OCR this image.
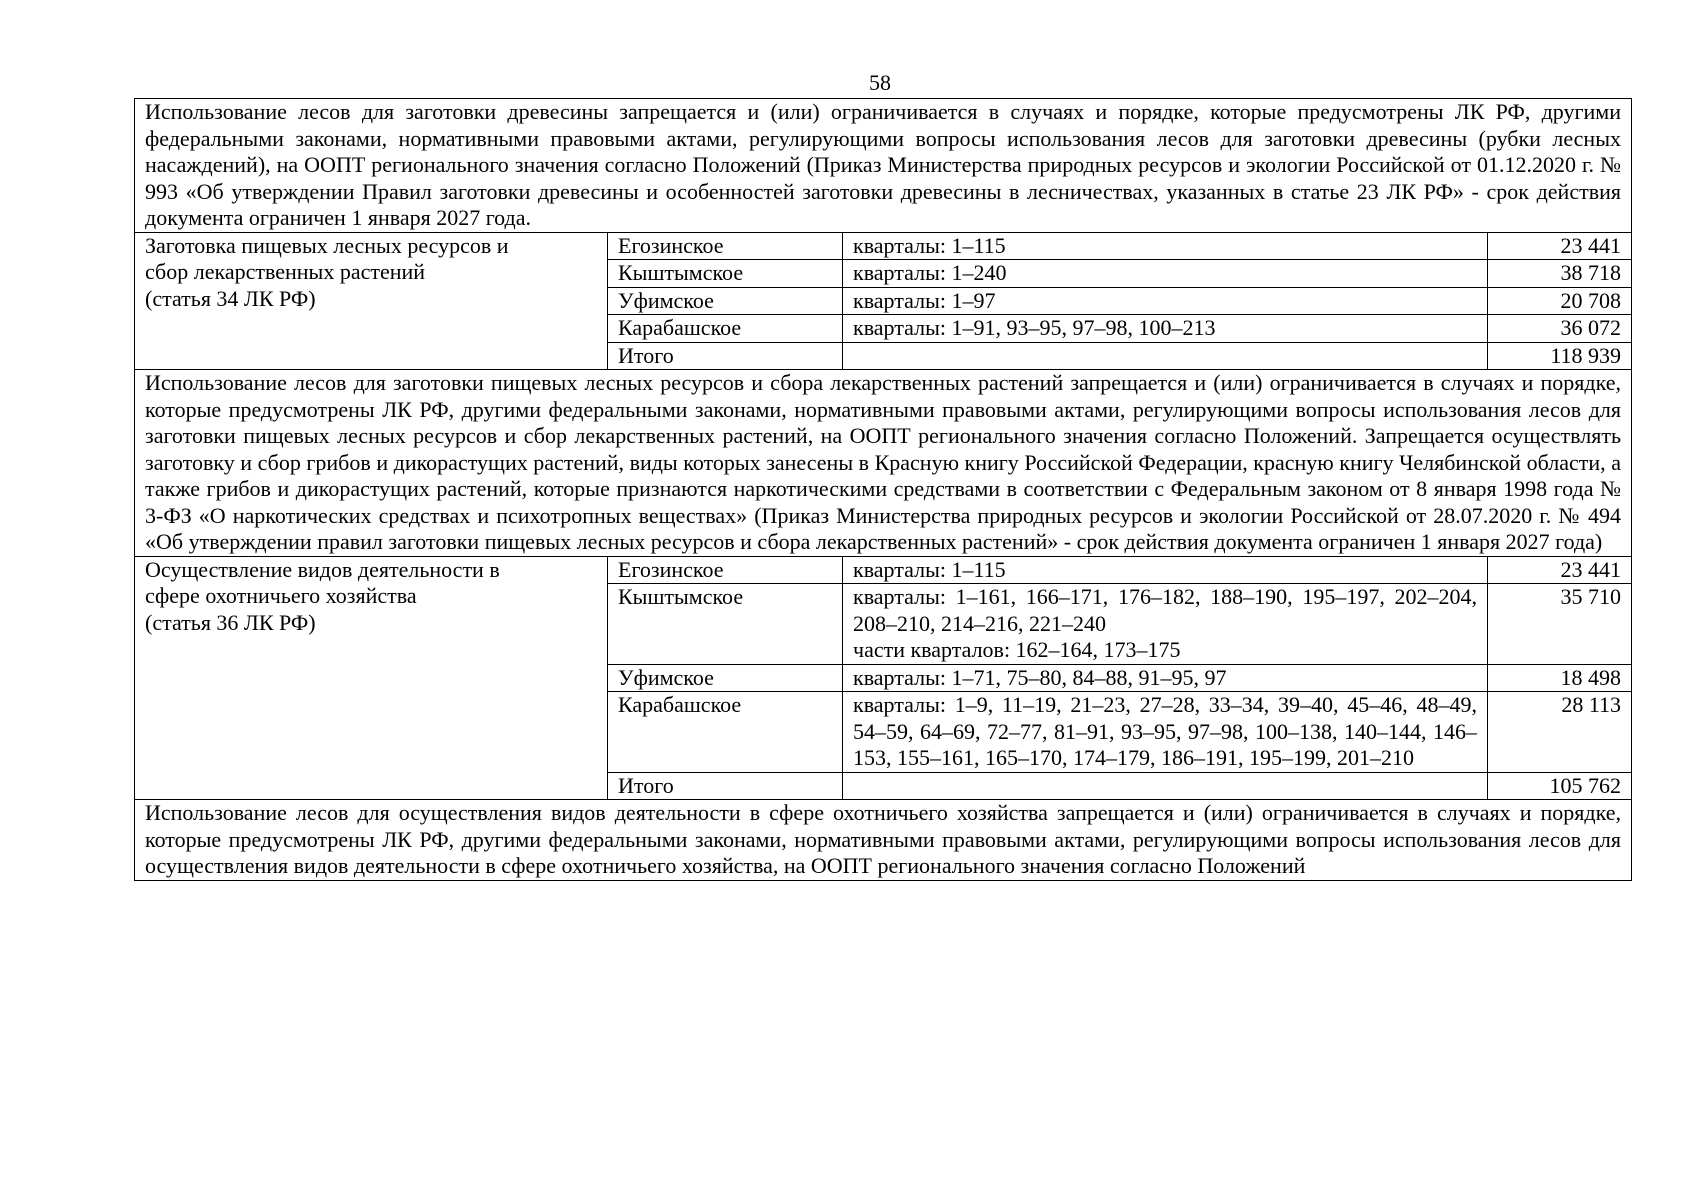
58
Использование лесов для заготовки древесины запрещается и (или) ограничивается в случаях и порядке, которые предусмотрены ЛК РФ, другими федеральными законами, нормативными правовыми актами, регулирующими вопросы использования лесов для заготовки древесины (рубки лесных насаждений), на ООПТ регионального значения согласно Положений (Приказ Министерства природных ресурсов и экологии Российской от 01.12.2020 г. № 993 «Об утверждении Правил заготовки древесины и особенностей заготовки древесины в лесничествах, указанных в статье 23 ЛК РФ» - срок действия документа ограничен 1 января 2027 года.			

Заготовка пищевых лесных ресурсов и
сбор лекарственных растений
(статья 34 ЛК РФ)	Егозинское	кварталы: 1–115	23 441
	Кыштымское	кварталы: 1–240	38 718
	Уфимское	кварталы: 1–97	20 708
	Карабашское	кварталы: 1–91, 93–95, 97–98, 100–213	36 072
	Итого		118 939
Использование лесов для заготовки пищевых лесных ресурсов и сбора лекарственных растений запрещается и (или) ограничивается в случаях и порядке, которые предусмотрены ЛК РФ, другими федеральными законами, нормативными правовыми актами, регулирующими вопросы использования лесов для заготовки пищевых лесных ресурсов и сбор лекарственных растений, на ООПТ регионального значения согласно Положений. Запрещается осуществлять заготовку и сбор грибов и дикорастущих растений, виды которых занесены в Красную книгу Российской Федерации, красную книгу Челябинской области, а также грибов и дикорастущих растений, которые признаются наркотическими средствами в соответствии с Федеральным законом от 8 января 1998 года № 3-ФЗ «О наркотических средствах и психотропных веществах» (Приказ Министерства природных ресурсов и экологии Российской от 28.07.2020 г. № 494 «Об утверждении правил заготовки пищевых лесных ресурсов и сбора лекарственных растений» - срок действия документа ограничен 1 января 2027 года)			

Осуществление видов деятельности в
сфере охотничьего хозяйства
(статья 36 ЛК РФ)	Егозинское	кварталы: 1–115	23 441
	Кыштымское	кварталы: 1–161, 166–171, 176–182, 188–190, 195–197, 202–204, 208–210, 214–216, 221–240
части кварталов: 162–164, 173–175	35 710
	Уфимское	кварталы: 1–71, 75–80, 84–88, 91–95, 97	18 498
	Карабашское	кварталы: 1–9, 11–19, 21–23, 27–28, 33–34, 39–40, 45–46, 48–49, 54–59, 64–69, 72–77, 81–91, 93–95, 97–98, 100–138, 140–144, 146–153, 155–161, 165–170, 174–179, 186–191, 195–199, 201–210	28 113
	Итого		105 762
Использование лесов для осуществления видов деятельности в сфере охотничьего хозяйства запрещается и (или) ограничивается в случаях и порядке, которые предусмотрены ЛК РФ, другими федеральными законами, нормативными правовыми актами, регулирующими вопросы использования лесов для осуществления видов деятельности в сфере охотничьего хозяйства, на ООПТ регионального значения согласно Положений			
